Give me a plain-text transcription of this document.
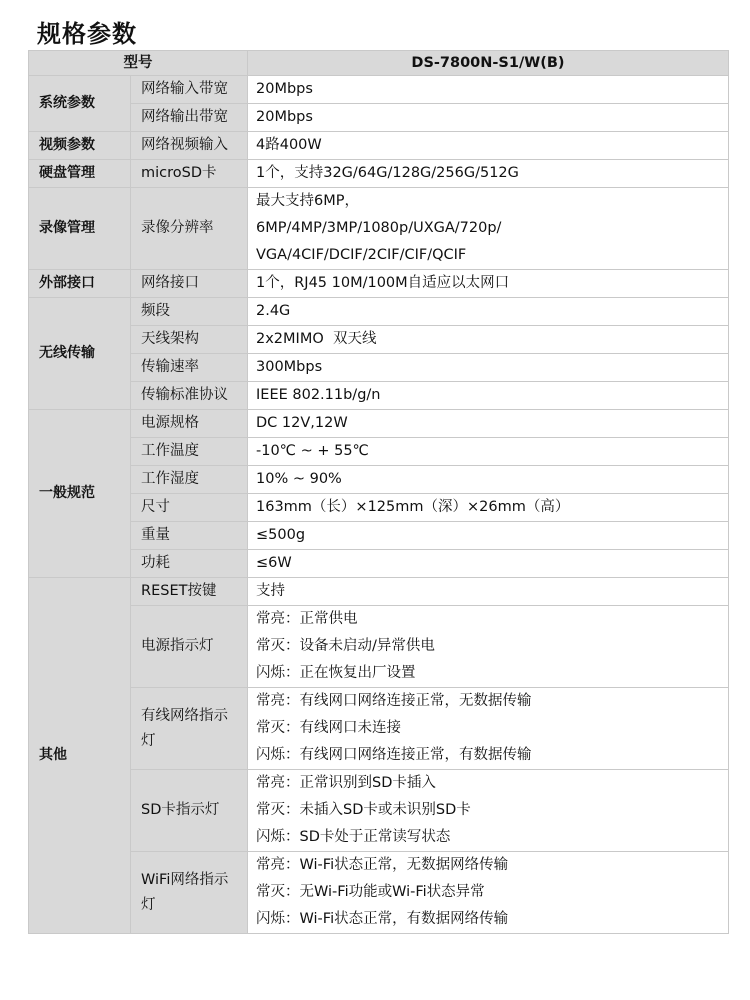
规格参数
型号		DS-7800N-S1/W(B)
系统参数	网络输入带宽	20Mbps
	网络输出带宽	20Mbps
视频参数	网络视频输入	4路400W
硬盘管理	microSD卡	1个，支持32G/64G/128G/256G/512G
录像管理	录像分辨率	最大支持6MP，
6MP/4MP/3MP/1080p/UXGA/720p/
VGA/4CIF/DCIF/2CIF/CIF/QCIF

外部接口	网络接口	1个，RJ45 10M/100M自适应以太网口
无线传输	频段	2.4G
	天线架构	2x2MIMO  双天线
	传输速率	300Mbps
	传输标准协议	IEEE 802.11b/g/n
一般规范	电源规格	DC 12V,12W
	工作温度	-10℃ ~ + 55℃
	工作湿度	10% ~ 90%
	尺寸	163mm（长）×125mm（深）×26mm（高）
	重量	≤500g
	功耗	≤6W
其他	RESET按键	支持
	电源指示灯	常亮：正常供电
常灭：设备未启动/异常供电
闪烁：正在恢复出厂设置

	有线网络指示灯	常亮：有线网口网络连接正常，无数据传输
常灭：有线网口未连接
闪烁：有线网口网络连接正常，有数据传输

	SD卡指示灯	常亮：正常识别到SD卡插入
常灭：未插入SD卡或未识别SD卡
闪烁：SD卡处于正常读写状态

	WiFi网络指示灯	常亮：Wi-Fi状态正常，无数据网络传输
常灭：无Wi-Fi功能或Wi-Fi状态异常
闪烁：Wi-Fi状态正常，有数据网络传输
